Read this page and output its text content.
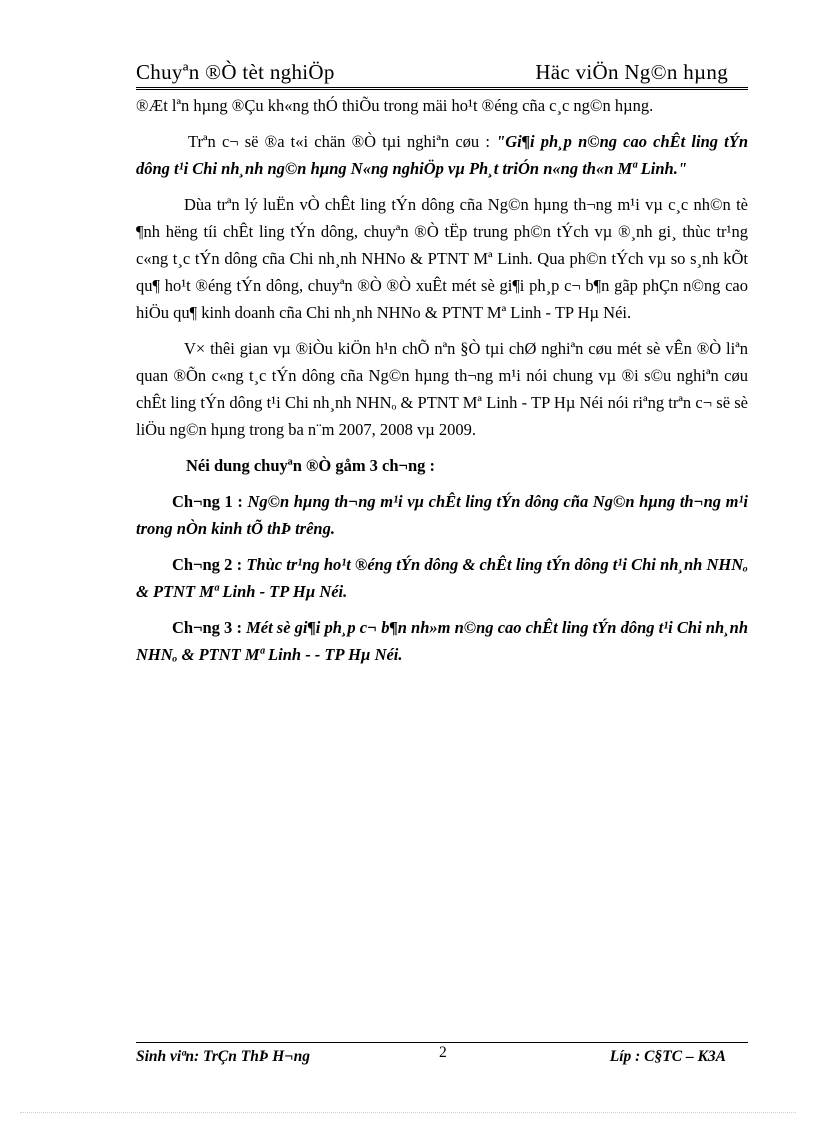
Chuyªn ®Ò tèt nghiÖp	Häc viÖn Ng©n hµng

®Æt lªn hµng ®Çu kh«ng thÓ thiÕu trong mäi ho¹t ®éng cña c¸c ng©n hµng.

Trªn c¬ së ®a t«i chän ®Ò tµi nghiªn cøu : "Gi¶i ph¸p n©ng cao chÊt ling tÝn dông t¹i Chi nh¸nh ng©n hµng N«ng nghiÖp vµ Ph¸t triÓn n«ng th«n Mª Linh."

Dùa trªn lý luËn vÒ chÊt ling tÝn dông cña Ng©n hµng th¬ng m¹i vµ c¸c nh©n tè ¶nh hëng tíi chÊt ling tÝn dông, chuyªn ®Ò tËp trung ph©n tÝch vµ ®¸nh gi¸ thùc tr¹ng c«ng t¸c tÝn dông cña Chi nh¸nh NHNo & PTNT Mª Linh. Qua ph©n tÝch vµ so s¸nh kÕt qu¶ ho¹t ®éng tÝn dông, chuyªn ®Ò ®Ò xuÊt mét sè gi¶i ph¸p c¬ b¶n gãp phÇn n©ng cao hiÖu qu¶ kinh doanh cña Chi nh¸nh NHNo & PTNT Mª Linh - TP Hµ Néi.

V× thêi gian vµ ®iÒu kiÖn h¹n chÕ nªn §Ò tµi chØ nghiªn cøu mét sè vÊn ®Ò liªn quan ®Õn c«ng t¸c tÝn dông cña Ng©n hµng th¬ng m¹i nói chung vµ ®i s©u nghiªn cøu chÊt ling tÝn dông t¹i Chi nh¸nh NHNₒ & PTNT Mª Linh - TP Hµ Néi nói riªng trªn c¬ së sè liÖu ng©n hµng trong ba n¨m 2007, 2008 vµ 2009.

Néi dung chuyªn ®Ò gåm 3 ch¬ng :

Ch¬ng 1 : Ng©n hµng th¬ng m¹i vµ chÊt ling tÝn dông cña Ng©n hµng th¬ng m¹i trong nÒn kinh tÕ thÞ trêng.

Ch¬ng 2 : Thùc tr¹ng ho¹t ®éng tÝn dông & chÊt ling tÝn dông t¹i Chi nh¸nh NHNₒ & PTNT Mª Linh - TP Hµ Néi.

Ch¬ng 3 : Mét sè gi¶i ph¸p c¬ b¶n nh»m n©ng cao chÊt ling tÝn dông t¹i Chi nh¸nh NHNₒ & PTNT Mª Linh - - TP Hµ Néi.

Sinh viªn: TrÇn ThÞ H¬ng	2	Líp : C§TC – K3A
